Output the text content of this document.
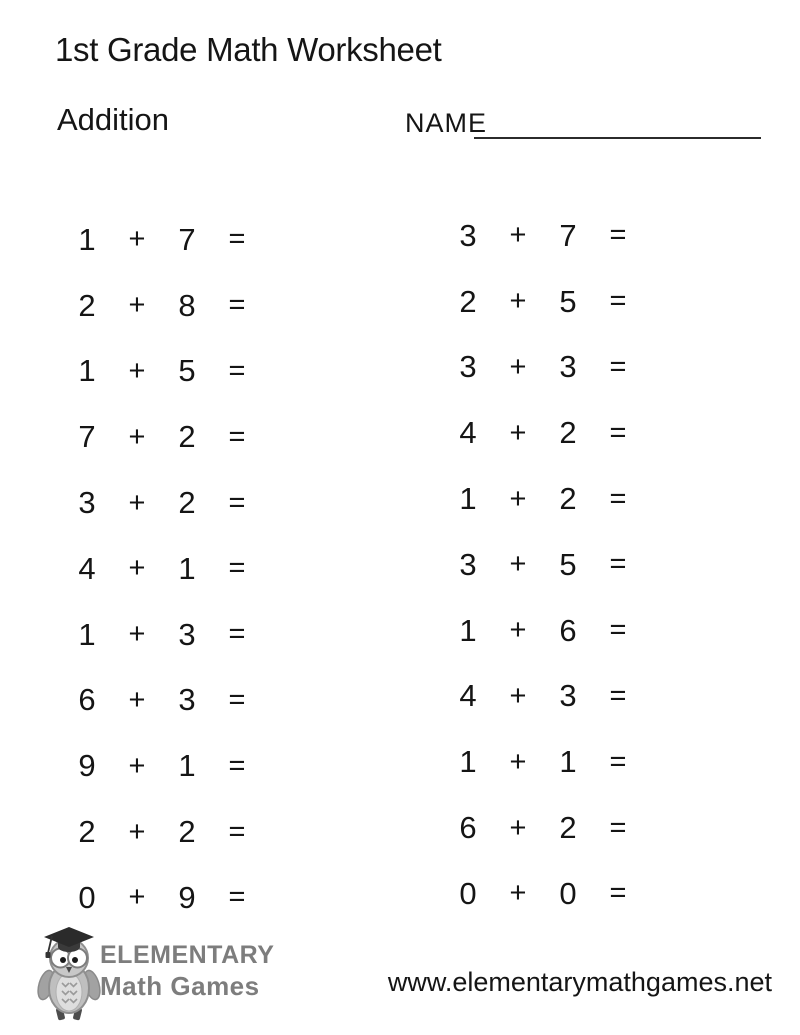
1st Grade Math Worksheet
Addition	NAME
1	+	7	=
2	+	8	=
1	+	5	=
7	+	2	=
3	+	2	=
4	+	1	=
1	+	3	=
6	+	3	=
9	+	1	=
2	+	2	=
0	+	9	=
3	+	7	=
2	+	5	=
3	+	3	=
4	+	2	=
1	+	2	=
3	+	5	=
1	+	6	=
4	+	3	=
1	+	1	=
6	+	2	=
0	+	0	=
ELEMENTARY
Math Games	www.elementarymathgames.net
